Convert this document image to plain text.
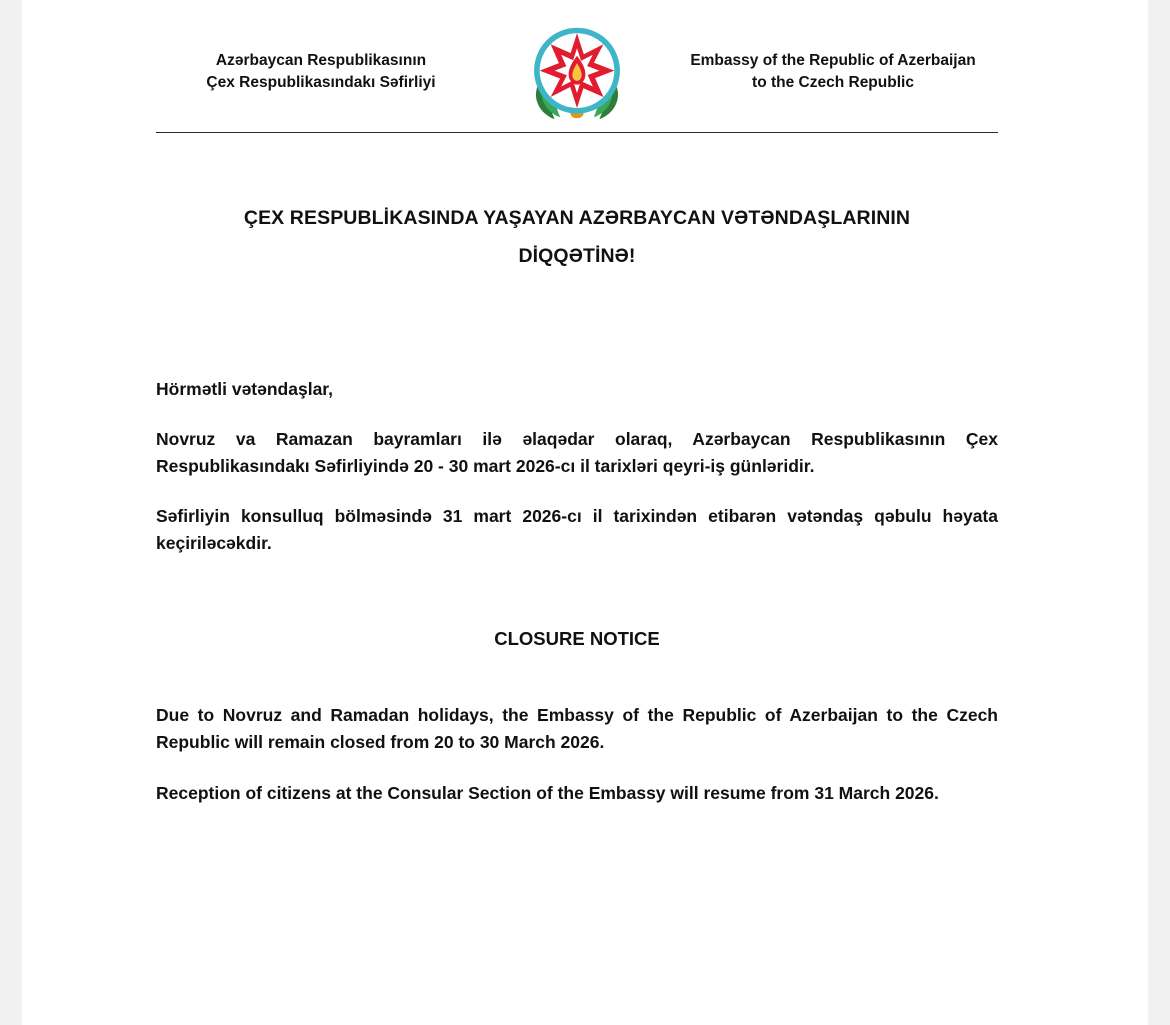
Azərbaycan Respublikasının
Çex Respublikasındakı Səfirliyi
Embassy of the Republic of Azerbaijan
to the Czech Republic
ÇEX RESPUBLİKASINDA YAŞAYAN AZƏRBAYCAN VƏTƏNDAŞLARININ
DİQQƏTİNƏ!
Hörmətli vətəndaşlar,

Novruz va Ramazan bayramları ilə əlaqədar olaraq, Azərbaycan Respublikasının Çex Respublikasındakı Səfirliyində 20 - 30 mart 2026-cı il tarixləri qeyri-iş günləridir.

Səfirliyin konsulluq bölməsində 31 mart 2026-cı il tarixindən etibarən vətəndaş qəbulu həyata keçiriləcəkdir.

CLOSURE NOTICE

Due to Novruz and Ramadan holidays, the Embassy of the Republic of Azerbaijan to the Czech Republic will remain closed from 20 to 30 March 2026.

Reception of citizens at the Consular Section of the Embassy will resume from 31 March 2026.
